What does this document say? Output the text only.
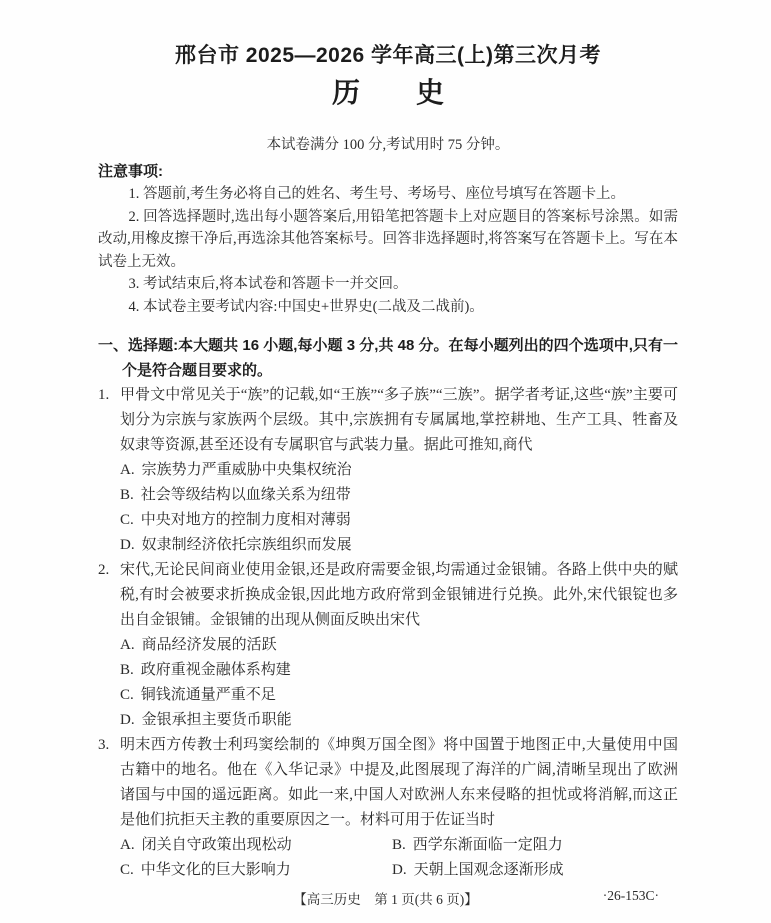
邢台市 2025—2026 学年高三(上)第三次月考
历　　史
本试卷满分 100 分,考试用时 75 分钟。
注意事项:
1. 答题前,考生务必将自己的姓名、考生号、考场号、座位号填写在答题卡上。
2. 回答选择题时,选出每小题答案后,用铅笔把答题卡上对应题目的答案标号涂黑。如需改动,用橡皮擦干净后,再选涂其他答案标号。回答非选择题时,将答案写在答题卡上。写在本试卷上无效。
3. 考试结束后,将本试卷和答题卡一并交回。
4. 本试卷主要考试内容:中国史+世界史(二战及二战前)。
一、选择题:本大题共 16 小题,每小题 3 分,共 48 分。在每小题列出的四个选项中,只有一个是符合题目要求的。
1. 甲骨文中常见关于“族”的记载,如“王族”“多子族”“三族”。据学者考证,这些“族”主要可划分为宗族与家族两个层级。其中,宗族拥有专属属地,掌控耕地、生产工具、牲畜及奴隶等资源,甚至还设有专属职官与武装力量。据此可推知,商代
A. 宗族势力严重威胁中央集权统治
B. 社会等级结构以血缘关系为纽带
C. 中央对地方的控制力度相对薄弱
D. 奴隶制经济依托宗族组织而发展
2. 宋代,无论民间商业使用金银,还是政府需要金银,均需通过金银铺。各路上供中央的赋税,有时会被要求折换成金银,因此地方政府常到金银铺进行兑换。此外,宋代银锭也多出自金银铺。金银铺的出现从侧面反映出宋代
A. 商品经济发展的活跃
B. 政府重视金融体系构建
C. 铜钱流通量严重不足
D. 金银承担主要货币职能
3. 明末西方传教士利玛窦绘制的《坤舆万国全图》将中国置于地图正中,大量使用中国古籍中的地名。他在《入华记录》中提及,此图展现了海洋的广阔,清晰呈现出了欧洲诸国与中国的遥远距离。如此一来,中国人对欧洲人东来侵略的担忧或将消解,而这正是他们抗拒天主教的重要原因之一。材料可用于佐证当时
A. 闭关自守政策出现松动	B. 西学东渐面临一定阻力
C. 中华文化的巨大影响力	D. 天朝上国观念逐渐形成
【高三历史　第 1 页(共 6 页)】	·26-153C·
